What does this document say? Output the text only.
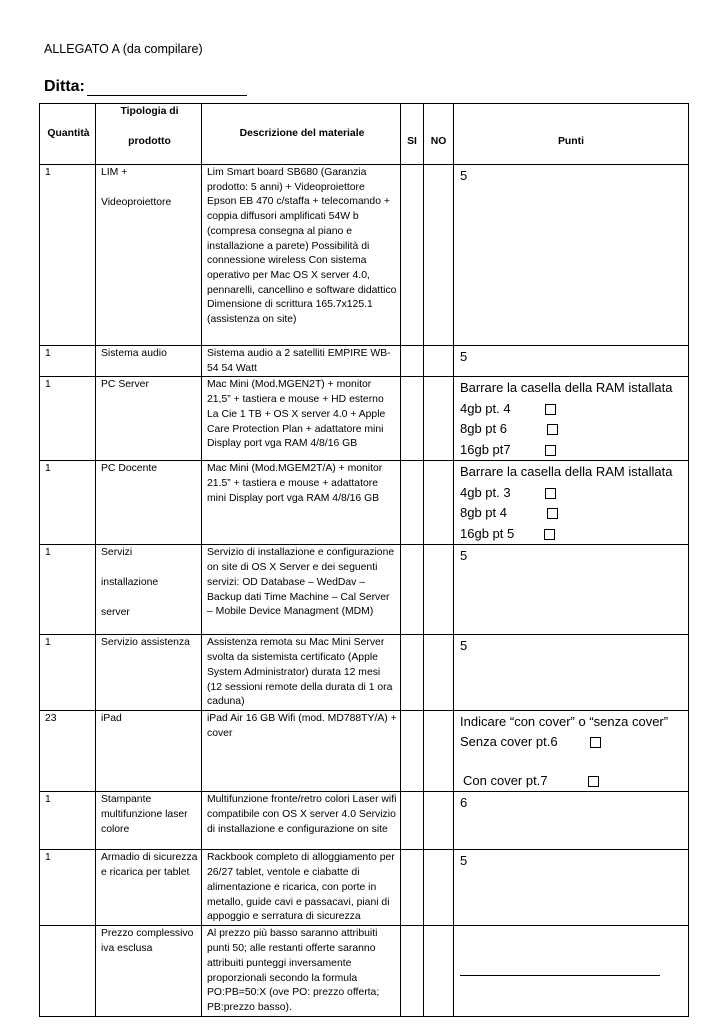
ALLEGATO A (da compilare)
Ditta:
Quantità	Tipologia di
prodotto	Descrizione del materiale	SI	NO	Punti
1	LIM +
Videoproiettore	Lim Smart board SB680 (Garanzia prodotto: 5 anni) + Videoproiettore Epson EB 470 c/staffa + telecomando + coppia diffusori amplificati 54W b (compresa consegna al piano e installazione a parete) Possibilità di connessione wireless Con sistema operativo per Mac OS X server 4.0, pennarelli, cancellino e software didattico Dimensione di scrittura 165.7x125.1 (assistenza on site)			5
1	Sistema audio	Sistema audio a 2 satelliti EMPIRE WB-54 54 Watt			5
1	PC Server	Mac Mini (Mod.MGEN2T) + monitor 21,5” + tastiera e mouse + HD esterno La Cie 1 TB + OS X server 4.0 + Apple Care Protection Plan + adattatore mini Display port vga RAM 4/8/16 GB			Barrare la casella della RAM istallata
4gb pt. 4
8gb pt 6
16gb pt7

1	PC Docente	Mac Mini (Mod.MGEM2T/A) + monitor 21.5” + tastiera e mouse + adattatore mini Display port vga RAM 4/8/16 GB			Barrare la casella della RAM istallata
4gb pt. 3
8gb pt 4
16gb pt 5

1	Servizi
installazione
server	Servizio di installazione e configurazione on site di OS X Server e dei seguenti servizi: OD Database – WedDav – Backup dati Time Machine – Cal Server – Mobile Device Managment (MDM)			5
1	Servizio assistenza	Assistenza remota su Mac Mini Server svolta da sistemista certificato (Apple System Administrator) durata 12 mesi (12 sessioni remote della durata di 1 ora caduna)			5
23	iPad	iPad Air 16 GB Wifi (mod. MD788TY/A) + cover			Indicare “con cover” o “senza cover”
Senza cover pt.6
Con cover pt.7

1	Stampante multifunzione laser colore	Multifunzione fronte/retro colori Laser wifi compatibile con OS X server 4.0 Servizio di installazione e configurazione on site			6
1	Armadio di sicurezza e ricarica per tablet	Rackbook completo di alloggiamento per 26/27 tablet, ventole e ciabatte di alimentazione e ricarica, con porte in metallo, guide cavi e passacavi, piani di appoggio e serratura di sicurezza			5
	Prezzo complessivo iva esclusa	Al prezzo più basso saranno attribuiti punti 50; alle restanti offerte saranno attribuiti punteggi inversamente proporzionali secondo la formula PO:PB=50:X (ove PO: prezzo offerta; PB:prezzo basso).			
